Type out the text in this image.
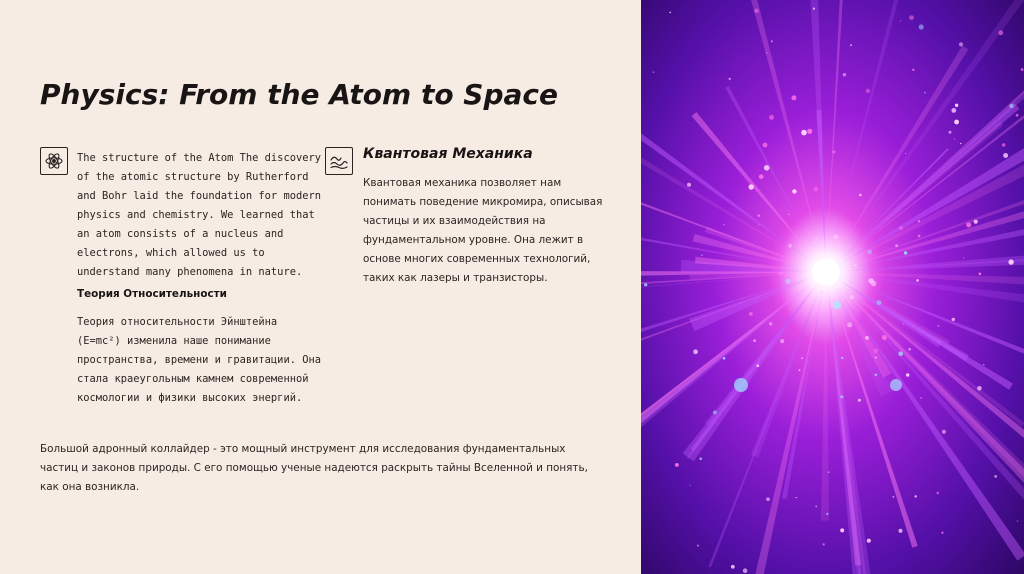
Physics: From the Atom to Space

The structure of the Atom The discovery of the atomic structure by Rutherford and Bohr laid the foundation for modern physics and chemistry. We learned that an atom consists of a nucleus and electrons, which allowed us to understand many phenomena in nature.

Теория Относительности

Теория относительности Эйнштейна (E=mc²) изменила наше понимание пространства, времени и гравитации. Она стала краеугольным камнем современной космологии и физики высоких энергий.

Квантовая Механика

Квантовая механика позволяет нам понимать поведение микромира, описывая частицы и их взаимодействия на фундаментальном уровне. Она лежит в основе многих современных технологий, таких как лазеры и транзисторы.

Большой адронный коллайдер - это мощный инструмент для исследования фундаментальных частиц и законов природы. С его помощью ученые надеются раскрыть тайны Вселенной и понять, как она возникла.
